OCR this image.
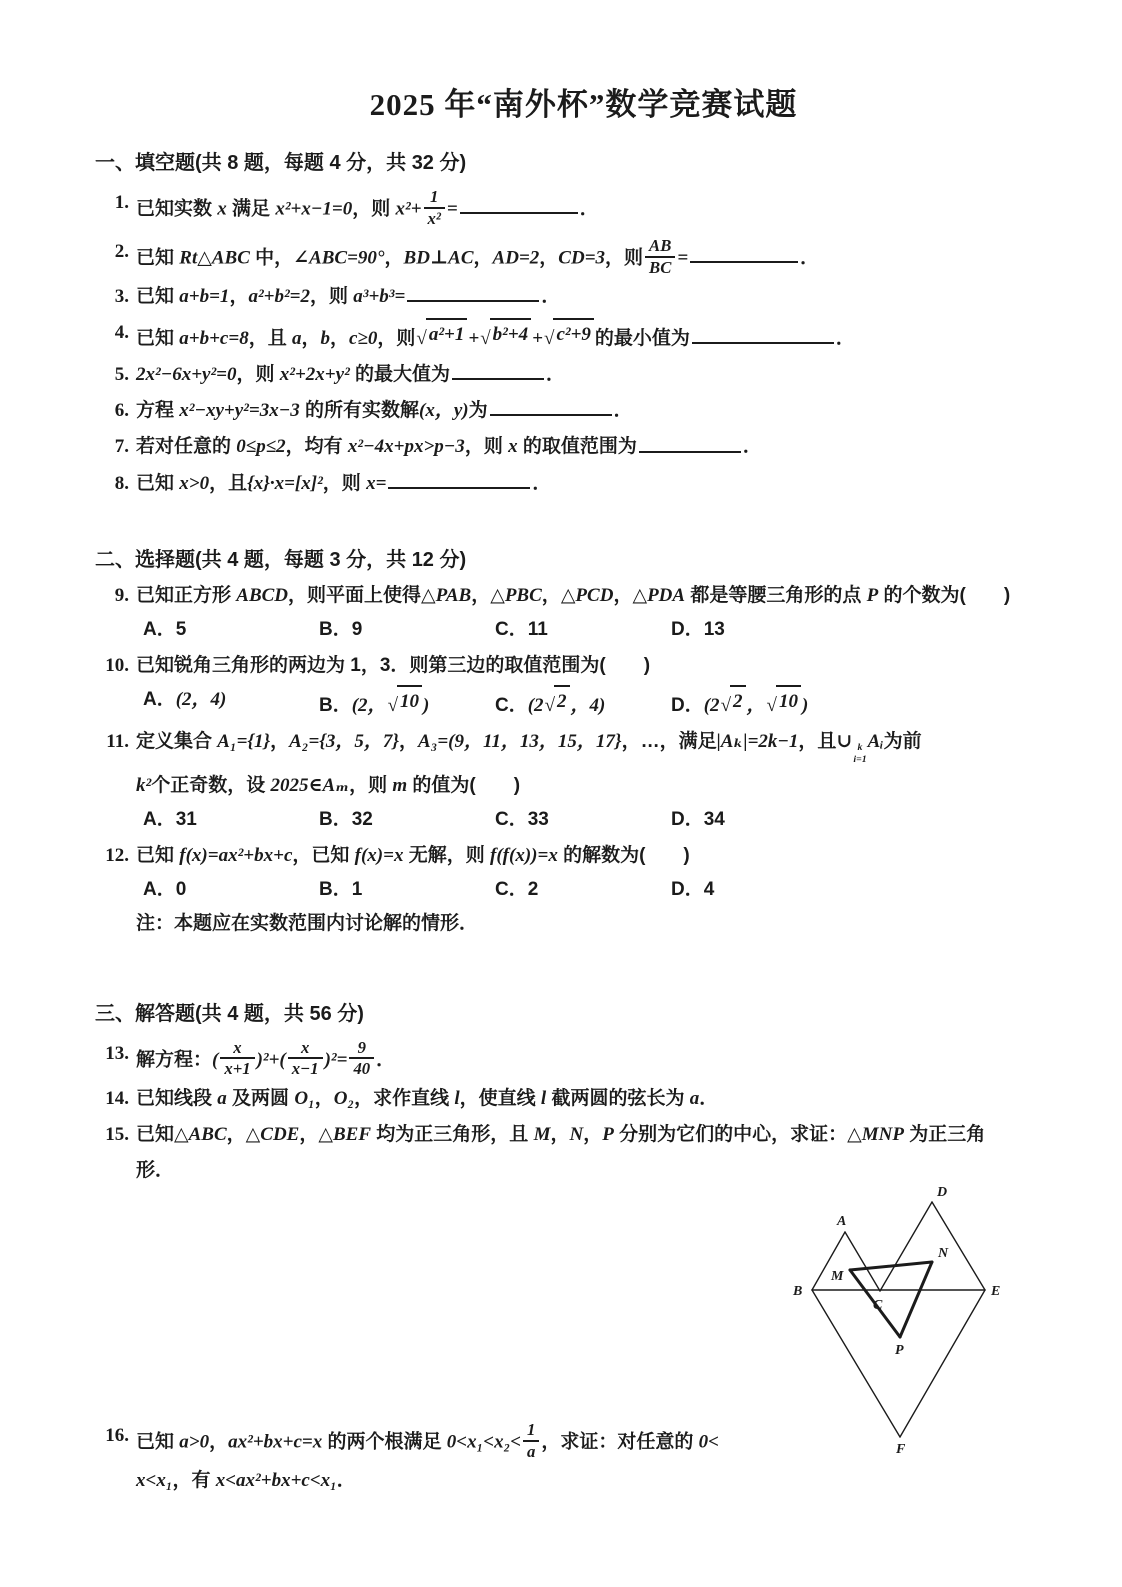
2025 年“南外杯”数学竞赛试题
一、填空题(共 8 题，每题 4 分，共 32 分)
1. 已知实数 x 满足 x²+x−1=0，则 $x^2+ \frac{1}{\text{x²}}$ =	．
2. 已知 Rt△ABC 中，∠ABC=90°，BD⊥AC，AD=2，CD=3，则 $\frac{AB}{BC}$ =	．
3. 已知 a+b=1，a²+b²=2，则 a³+b³=	．
4. 已知 a+b+c=8，且 a，b，c≥0，则 √ a²+1 + √ b²+4 + √ c²+9 的最小值为	．
5. 2x²−6x+y²=0，则 x²+2x+y² 的最大值为	．
6. 方程 x²−xy+y²=3x−3 的所有实数解(x，y)为	．
7. 若对任意的 0≤p≤2，均有 x²−4x+px>p−3，则 x 的取值范围为	．
8. 已知 x>0，且{x}·x=[x]²，则 x=	．
二、选择题(共 4 题，每题 3 分，共 12 分)
9. 已知正方形 ABCD，则平面上使得△PAB，△PBC，△PCD，△PDA 都是等腰三角形的点 P 的个数为(　　)
A．5	B．9	C．11	D．13
10. 已知锐角三角形的两边为 1，3．则第三边的取值范围为(　　)
A．(2，4)	B．(2， √ 10 )	C．(2 √ 2 ，4)	D．(2 √ 2 ， √ 10 )
11. 定义集合 A₁={1}，A₂={3，5，7}，A₃=(9，11，13，15，17}，…，满足|Aₖ|=2k−1，且∪ k
i=1
Aᵢ为前
k²个正奇数，设 2025∈Aₘ，则 m 的值为(　　)
A．31	B．32	C．33	D．34
12. 已知 f(x)=ax²+bx+c，已知 f(x)=x 无解，则 f(f(x))=x 的解数为(　　)
A．0	B．1	C．2	D．4
注：本题应在实数范围内讨论解的情形．
三、解答题(共 4 题，共 56 分)
13. 解方程：( $\frac{x}{x+1} )^2+( \frac{x}{x-1} )^2= \frac{9}{40}$ ．
14. 已知线段 a 及两圆 O₁，O₂，求作直线 l，使直线 l 截两圆的弦长为 a．
15. 已知△ABC，△CDE，△BEF 均为正三角形，且 M，N，P 分别为它们的中心，求证：△MNP 为正三角
形．
16. 已知 a>0，ax²+bx+c=x 的两个根满足 $0<x_1<x_2< \frac{1}{a}$ ，求证：对任意的 0<
x<x₁，有 x<ax²+bx+c<x₁．
A
B
C
D
E
F
M
N
P
